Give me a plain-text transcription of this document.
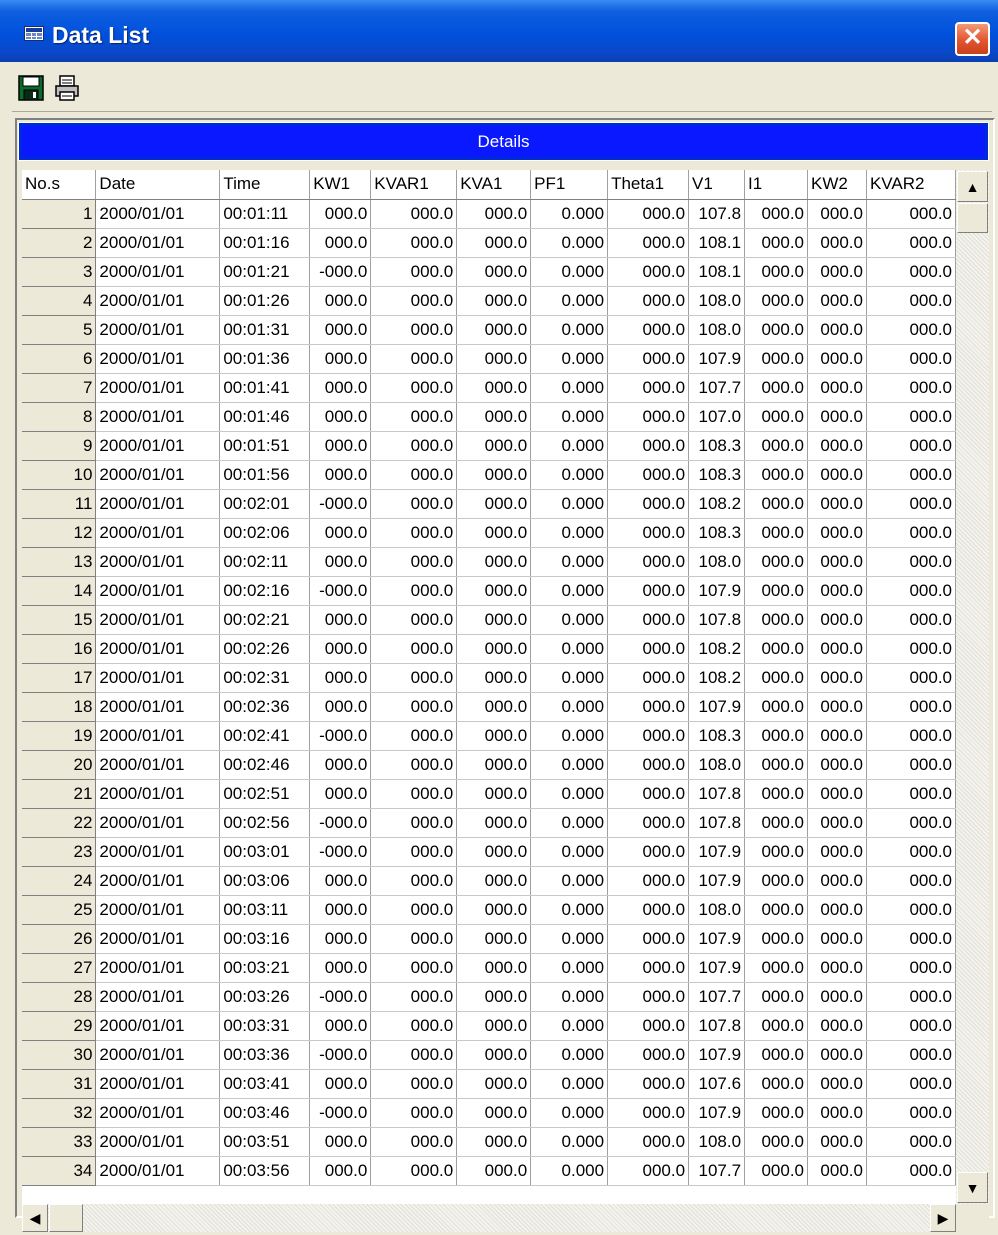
Data List	✕
Details
No.s	Date	Time	KW1	KVAR1	KVA1	PF1	Theta1	V1	I1	KW2	KVAR2
1	2000/01/01	00:01:11	000.0	000.0	000.0	0.000	000.0	107.8	000.0	000.0	000.0
2	2000/01/01	00:01:16	000.0	000.0	000.0	0.000	000.0	108.1	000.0	000.0	000.0
3	2000/01/01	00:01:21	-000.0	000.0	000.0	0.000	000.0	108.1	000.0	000.0	000.0
4	2000/01/01	00:01:26	000.0	000.0	000.0	0.000	000.0	108.0	000.0	000.0	000.0
5	2000/01/01	00:01:31	000.0	000.0	000.0	0.000	000.0	108.0	000.0	000.0	000.0
6	2000/01/01	00:01:36	000.0	000.0	000.0	0.000	000.0	107.9	000.0	000.0	000.0
7	2000/01/01	00:01:41	000.0	000.0	000.0	0.000	000.0	107.7	000.0	000.0	000.0
8	2000/01/01	00:01:46	000.0	000.0	000.0	0.000	000.0	107.0	000.0	000.0	000.0
9	2000/01/01	00:01:51	000.0	000.0	000.0	0.000	000.0	108.3	000.0	000.0	000.0
10	2000/01/01	00:01:56	000.0	000.0	000.0	0.000	000.0	108.3	000.0	000.0	000.0
11	2000/01/01	00:02:01	-000.0	000.0	000.0	0.000	000.0	108.2	000.0	000.0	000.0
12	2000/01/01	00:02:06	000.0	000.0	000.0	0.000	000.0	108.3	000.0	000.0	000.0
13	2000/01/01	00:02:11	000.0	000.0	000.0	0.000	000.0	108.0	000.0	000.0	000.0
14	2000/01/01	00:02:16	-000.0	000.0	000.0	0.000	000.0	107.9	000.0	000.0	000.0
15	2000/01/01	00:02:21	000.0	000.0	000.0	0.000	000.0	107.8	000.0	000.0	000.0
16	2000/01/01	00:02:26	000.0	000.0	000.0	0.000	000.0	108.2	000.0	000.0	000.0
17	2000/01/01	00:02:31	000.0	000.0	000.0	0.000	000.0	108.2	000.0	000.0	000.0
18	2000/01/01	00:02:36	000.0	000.0	000.0	0.000	000.0	107.9	000.0	000.0	000.0
19	2000/01/01	00:02:41	-000.0	000.0	000.0	0.000	000.0	108.3	000.0	000.0	000.0
20	2000/01/01	00:02:46	000.0	000.0	000.0	0.000	000.0	108.0	000.0	000.0	000.0
21	2000/01/01	00:02:51	000.0	000.0	000.0	0.000	000.0	107.8	000.0	000.0	000.0
22	2000/01/01	00:02:56	-000.0	000.0	000.0	0.000	000.0	107.8	000.0	000.0	000.0
23	2000/01/01	00:03:01	-000.0	000.0	000.0	0.000	000.0	107.9	000.0	000.0	000.0
24	2000/01/01	00:03:06	000.0	000.0	000.0	0.000	000.0	107.9	000.0	000.0	000.0
25	2000/01/01	00:03:11	000.0	000.0	000.0	0.000	000.0	108.0	000.0	000.0	000.0
26	2000/01/01	00:03:16	000.0	000.0	000.0	0.000	000.0	107.9	000.0	000.0	000.0
27	2000/01/01	00:03:21	000.0	000.0	000.0	0.000	000.0	107.9	000.0	000.0	000.0
28	2000/01/01	00:03:26	-000.0	000.0	000.0	0.000	000.0	107.7	000.0	000.0	000.0
29	2000/01/01	00:03:31	000.0	000.0	000.0	0.000	000.0	107.8	000.0	000.0	000.0
30	2000/01/01	00:03:36	-000.0	000.0	000.0	0.000	000.0	107.9	000.0	000.0	000.0
31	2000/01/01	00:03:41	000.0	000.0	000.0	0.000	000.0	107.6	000.0	000.0	000.0
32	2000/01/01	00:03:46	-000.0	000.0	000.0	0.000	000.0	107.9	000.0	000.0	000.0
33	2000/01/01	00:03:51	000.0	000.0	000.0	0.000	000.0	108.0	000.0	000.0	000.0
34	2000/01/01	00:03:56	000.0	000.0	000.0	0.000	000.0	107.7	000.0	000.0	000.0
▲
▼
◀	▶
